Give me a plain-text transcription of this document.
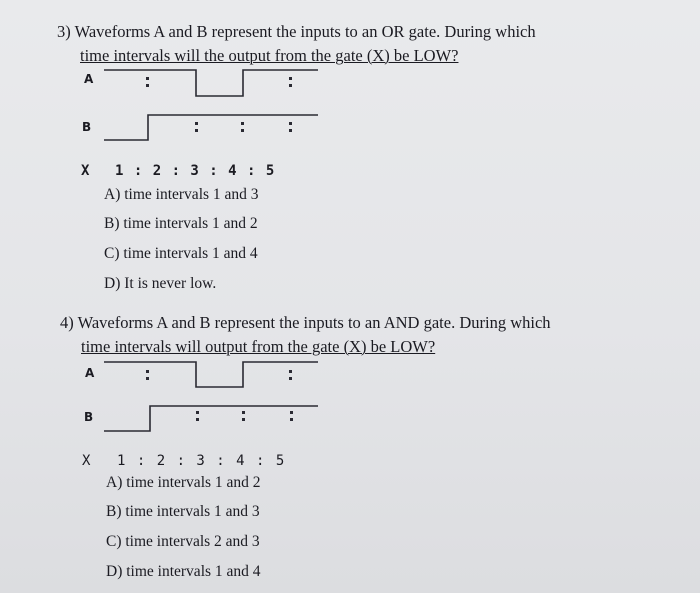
3) Waveforms A and B represent the inputs to an OR gate. During which
time intervals will the output from the gate (X) be LOW?
A
B
X 1 : 2 : 3 : 4 : 5
A) time intervals 1 and 3
B) time intervals 1 and 2
C) time intervals 1 and 4
D) It is never low.
4) Waveforms A and B represent the inputs to an AND gate. During which
time intervals will output from the gate (X) be LOW?
A
B
X 1 : 2 : 3 : 4 : 5
A) time intervals 1 and 2
B) time intervals 1 and 3
C) time intervals 2 and 3
D) time intervals 1 and 4
